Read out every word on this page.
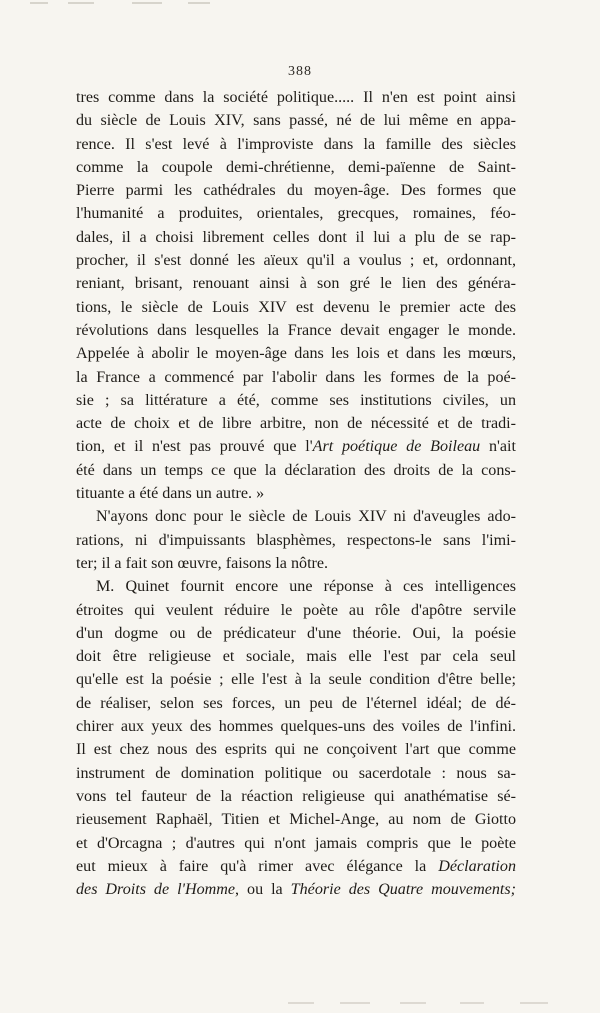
388
tres comme dans la société politique..... Il n'en est point ainsi
du siècle de Louis XIV, sans passé, né de lui même en appa-
rence. Il s'est levé à l'improviste dans la famille des siècles
comme la coupole demi-chrétienne, demi-païenne de Saint-
Pierre parmi les cathédrales du moyen-âge. Des formes que
l'humanité a produites, orientales, grecques, romaines, féo-
dales, il a choisi librement celles dont il lui a plu de se rap-
procher, il s'est donné les aïeux qu'il a voulus ; et, ordonnant,
reniant, brisant, renouant ainsi à son gré le lien des généra-
tions, le siècle de Louis XIV est devenu le premier acte des
révolutions dans lesquelles la France devait engager le monde.
Appelée à abolir le moyen-âge dans les lois et dans les mœurs,
la France a commencé par l'abolir dans les formes de la poé-
sie ; sa littérature a été, comme ses institutions civiles, un
acte de choix et de libre arbitre, non de nécessité et de tradi-
tion, et il n'est pas prouvé que l'Art poétique de Boileau n'ait
été dans un temps ce que la déclaration des droits de la cons-
tituante a été dans un autre. »
N'ayons donc pour le siècle de Louis XIV ni d'aveugles ado-
rations, ni d'impuissants blasphèmes, respectons-le sans l'imi-
ter; il a fait son œuvre, faisons la nôtre.
M. Quinet fournit encore une réponse à ces intelligences
étroites qui veulent réduire le poète au rôle d'apôtre servile
d'un dogme ou de prédicateur d'une théorie. Oui, la poésie
doit être religieuse et sociale, mais elle l'est par cela seul
qu'elle est la poésie ; elle l'est à la seule condition d'être belle;
de réaliser, selon ses forces, un peu de l'éternel idéal; de dé-
chirer aux yeux des hommes quelques-uns des voiles de l'infini.
Il est chez nous des esprits qui ne conçoivent l'art que comme
instrument de domination politique ou sacerdotale : nous sa-
vons tel fauteur de la réaction religieuse qui anathématise sé-
rieusement Raphaël, Titien et Michel-Ange, au nom de Giotto
et d'Orcagna ; d'autres qui n'ont jamais compris que le poète
eut mieux à faire qu'à rimer avec élégance la Déclaration
des Droits de l'Homme, ou la Théorie des Quatre mouvements;
